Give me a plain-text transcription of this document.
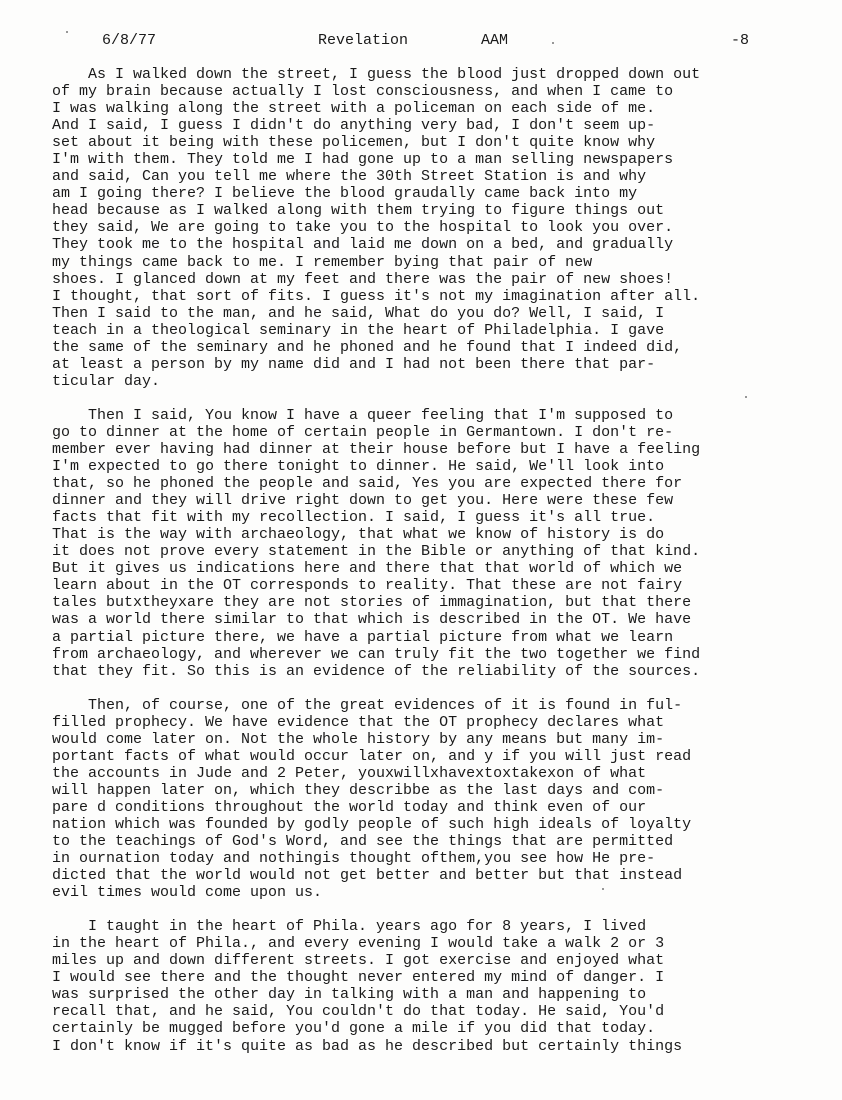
6/8/77	Revelation	AAM	-8
As I walked down the street, I guess the blood just dropped down out
of my brain because actually I lost consciousness, and when I came to
I was walking along the street with a policeman on each side of me.
And I said, I guess I didn't do anything very bad, I don't seem up-
set about it being with these policemen, but I don't quite know why
I'm with them. They told me I had gone up to a man selling newspapers
and said, Can you tell me where the 30th Street Station is and why
am I going there? I believe the blood graudally came back into my
head because as I walked along with them trying to figure things out
they said, We are going to take you to the hospital to look you over.
They took me to the hospital and laid me down on a bed, and gradually
my things came back to me. I remember bying that pair of new
shoes. I glanced down at my feet and there was the pair of new shoes!
I thought, that sort of fits. I guess it's not my imagination after all.
Then I said to the man, and he said, What do you do? Well, I said, I
teach in a theological seminary in the heart of Philadelphia. I gave
the same of the seminary and he phoned and he found that I indeed did,
at least a person by my name did and I had not been there that par-
ticular day.
Then I said, You know I have a queer feeling that I'm supposed to
go to dinner at the home of certain people in Germantown. I don't re-
member ever having had dinner at their house before but I have a feeling
I'm expected to go there tonight to dinner. He said, We'll look into
that, so he phoned the people and said, Yes you are expected there for
dinner and they will drive right down to get you. Here were these few
facts that fit with my recollection. I said, I guess it's all true.
That is the way with archaeology, that what we know of history is do
it does not prove every statement in the Bible or anything of that kind.
But it gives us indications here and there that that world of which we
learn about in the OT corresponds to reality. That these are not fairy
tales butxtheyxare they are not stories of immagination, but that there
was a world there similar to that which is described in the OT. We have
a partial picture there, we have a partial picture from what we learn
from archaeology, and wherever we can truly fit the two together we find
that they fit. So this is an evidence of the reliability of the sources.
Then, of course, one of the great evidences of it is found in ful-
filled prophecy. We have evidence that the OT prophecy declares what
would come later on. Not the whole history by any means but many im-
portant facts of what would occur later on, and y if you will just read
the accounts in Jude and 2 Peter, youxwillxhavextoxtakexon of what
will happen later on, which they describbe as the last days and com-
pare d conditions throughout the world today and think even of our
nation which was founded by godly people of such high ideals of loyalty
to the teachings of God's Word, and see the things that are permitted
in ournation today and nothingis thought ofthem,you see how He pre-
dicted that the world would not get better and better but that instead
evil times would come upon us.
I taught in the heart of Phila. years ago for 8 years, I lived
in the heart of Phila., and every evening I would take a walk 2 or 3
miles up and down different streets. I got exercise and enjoyed what
I would see there and the thought never entered my mind of danger. I
was surprised the other day in talking with a man and happening to
recall that, and he said, You couldn't do that today. He said, You'd
certainly be mugged before you'd gone a mile if you did that today.
I don't know if it's quite as bad as he described but certainly things
